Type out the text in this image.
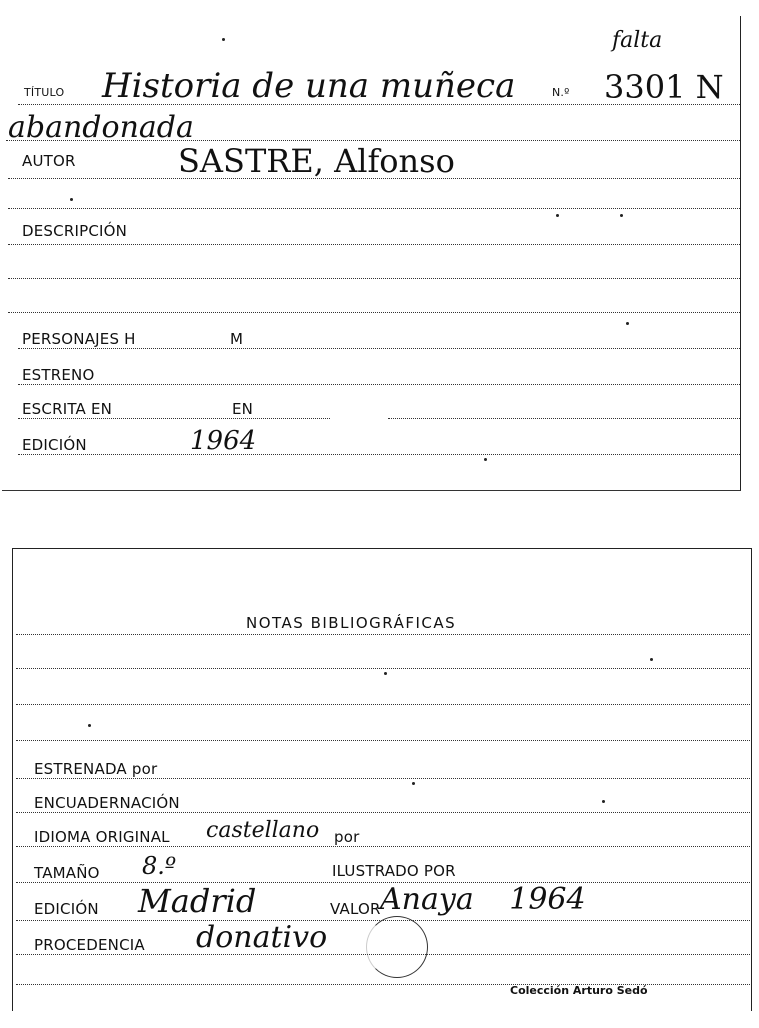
falta
TÍTULO Historia de una muñeca	N.º 3301 N
abandonada
AUTOR	SASTRE, Alfonso
DESCRIPCIÓN
PERSONAJES H	M
ESTRENO
ESCRITA EN	EN
EDICIÓN	1964
NOTAS BIBLIOGRÁFICAS
ESTRENADA por
ENCUADERNACIÓN
IDIOMA ORIGINAL castellano por
TAMAÑO 8.º	ILUSTRADO POR
EDICIÓN Madrid	VALOR Anaya 1964
PROCEDENCIA donativo
Colección Arturo Sedó
